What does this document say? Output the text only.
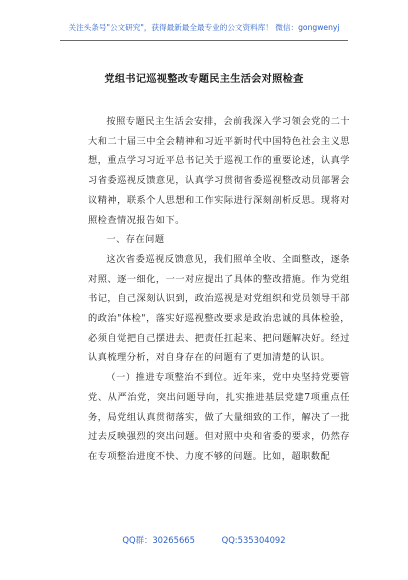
关注头条号"公文研究"，获得最新最全最专业的公文资料库！ 微信：gongwenyj
党组书记巡视整改专题民主生活会对照检查

按照专题民主生活会安排，会前我深入学习领会党的二十大和二十届三中全会精神和习近平新时代中国特色社会主义思想，重点学习习近平总书记关于巡视工作的重要论述，认真学习省委巡视反馈意见，认真学习贯彻省委巡视整改动员部署会议精神，联系个人思想和工作实际进行深刻剖析反思。现将对照检查情况报告如下。

一、存在问题

这次省委巡视反馈意见，我们照单全收、全面整改，逐条对照、逐一细化，一一对应提出了具体的整改措施。作为党组书记，自己深刻认识到，政治巡视是对党组织和党员领导干部的政治"体检"，落实好巡视整改要求是政治忠诚的具体检验，必须自觉把自己摆进去、把责任扛起来、把问题解决好。经过认真梳理分析，对自身存在的问题有了更加清楚的认识。

（一）推进专项整治不到位。近年来，党中央坚持党要管党、从严治党，突出问题导向，扎实推进基层党建7项重点任务，局党组认真贯彻落实，做了大量细致的工作，解决了一批过去反映强烈的突出问题。但对照中央和省委的要求，仍然存在专项整治进度不快、力度不够的问题。比如，超职数配

QQ群：30265665	QQ:535304092
